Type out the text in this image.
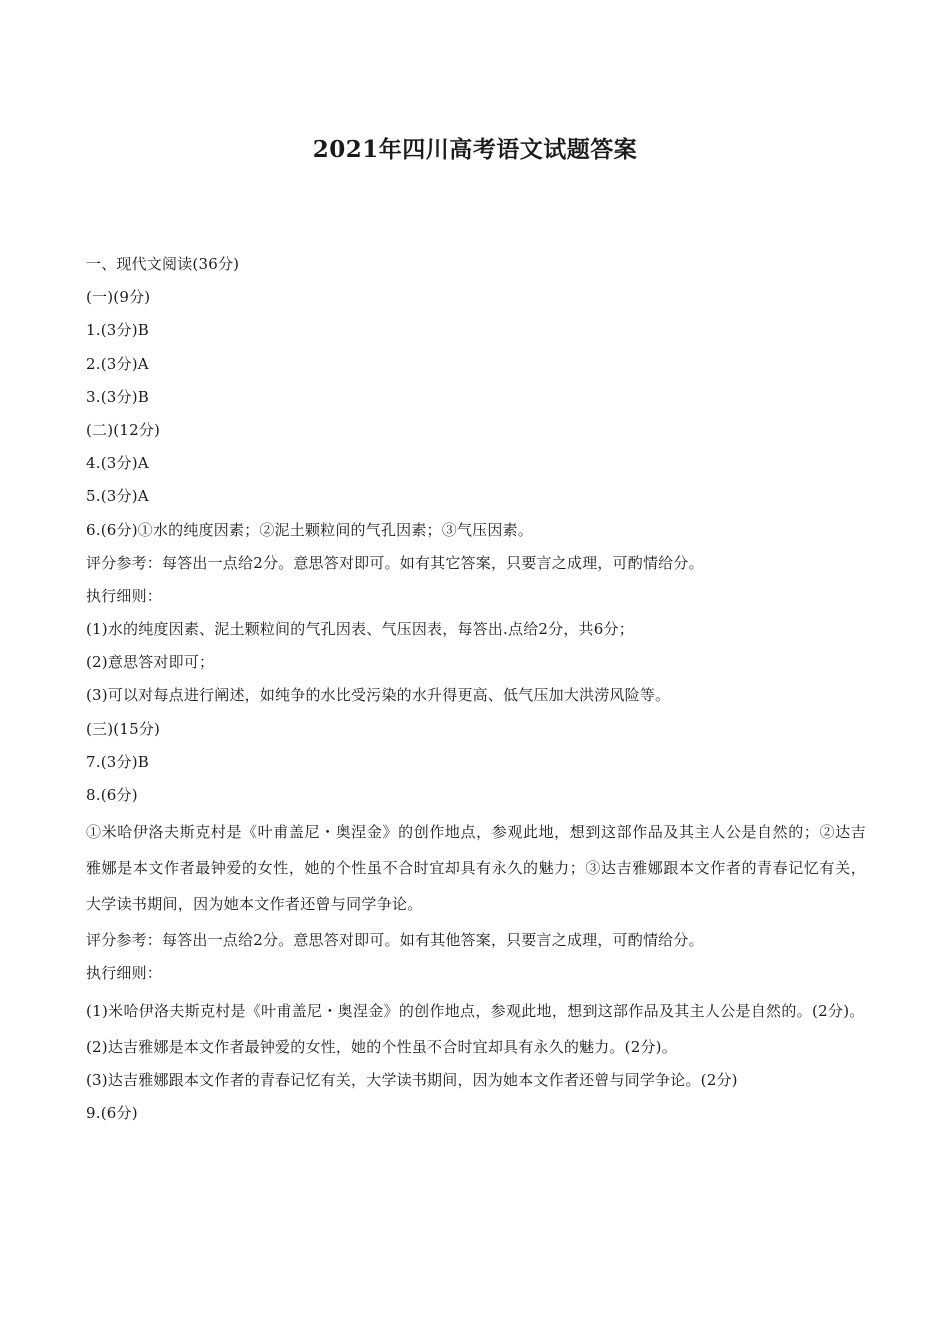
2021年四川高考语文试题答案
一、现代文阅读(36分)
(一)(9分)
1.(3分)B
2.(3分)A
3.(3分)B
(二)(12分)
4.(3分)A
5.(3分)A
6.(6分)①水的纯度因素；②泥土颗粒间的气孔因素；③气压因素。
评分参考：每答出一点给2分。意思答对即可。如有其它答案，只要言之成理，可酌情给分。
执行细则：
(1)水的纯度因素、泥土颗粒间的气孔因表、气压因表，每答出.点给2分，共6分；
(2)意思答对即可；
(3)可以对每点进行阐述，如纯争的水比受污染的水升得更高、低气压加大洪涝风险等。
(三)(15分)
7.(3分)B
8.(6分)

①米哈伊洛夫斯克村是《叶甫盖尼・奥涅金》的创作地点，参观此地，想到这部作品及其主人公是自然的；②达吉雅娜是本文作者最钟爱的女性，她的个性虽不合时宜却具有永久的魅力；③达吉雅娜跟本文作者的青春记忆有关，大学读书期间，因为她本文作者还曾与同学争论。

评分参考：每答出一点给2分。意思答对即可。如有其他答案，只要言之成理，可酌情给分。
执行细则：

(1)米哈伊洛夫斯克村是《叶甫盖尼・奥涅金》的创作地点，参观此地，想到这部作品及其主人公是自然的。(2分)。

(2)达吉雅娜是本文作者最钟爱的女性，她的个性虽不合时宜却具有永久的魅力。(2分)。
(3)达吉雅娜跟本文作者的青春记忆有关，大学读书期间，因为她本文作者还曾与同学争论。(2分)
9.(6分)
